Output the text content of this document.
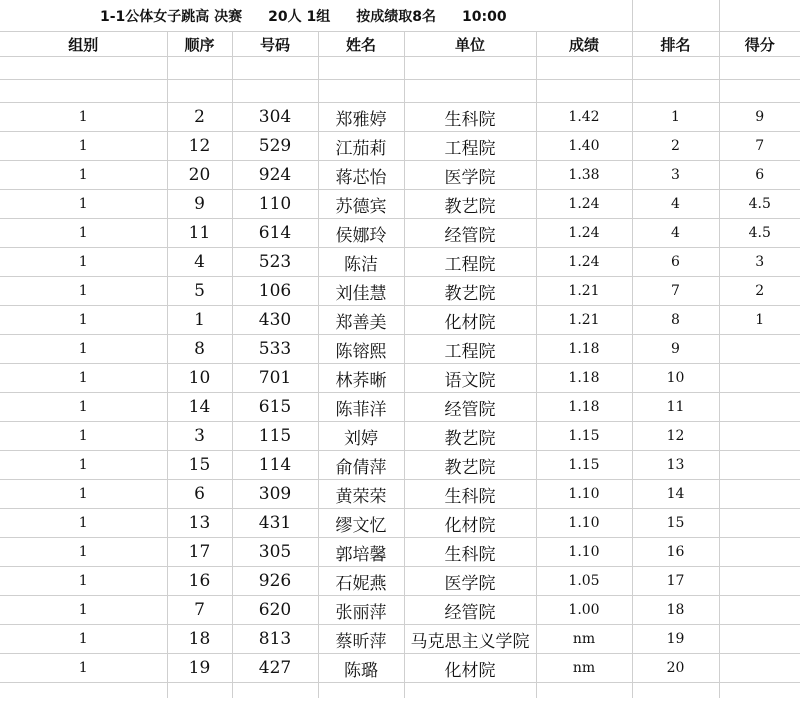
1-1公体女子跳高 决赛 20人 1组 按成绩取8名 10:00							
组别	顺序	号码	姓名	单位	成绩	排名	得分

1	2	304	郑雅婷	生科院	1.42	1	9
1	12	529	江茄莉	工程院	1.40	2	7
1	20	924	蒋芯怡	医学院	1.38	3	6
1	9	110	苏德宾	教艺院	1.24	4	4.5
1	11	614	侯娜玲	经管院	1.24	4	4.5
1	4	523	陈洁	工程院	1.24	6	3
1	5	106	刘佳慧	教艺院	1.21	7	2
1	1	430	郑善美	化材院	1.21	8	1
1	8	533	陈镕熙	工程院	1.18	9	
1	10	701	林荞晰	语文院	1.18	10	
1	14	615	陈菲洋	经管院	1.18	11	
1	3	115	刘婷	教艺院	1.15	12	
1	15	114	俞倩萍	教艺院	1.15	13	
1	6	309	黄荣荣	生科院	1.10	14	
1	13	431	缪文忆	化材院	1.10	15	
1	17	305	郭培馨	生科院	1.10	16	
1	16	926	石妮燕	医学院	1.05	17	
1	7	620	张丽萍	经管院	1.00	18	
1	18	813	蔡昕萍	马克思主义学院	nm	19	
1	19	427	陈璐	化材院	nm	20	
